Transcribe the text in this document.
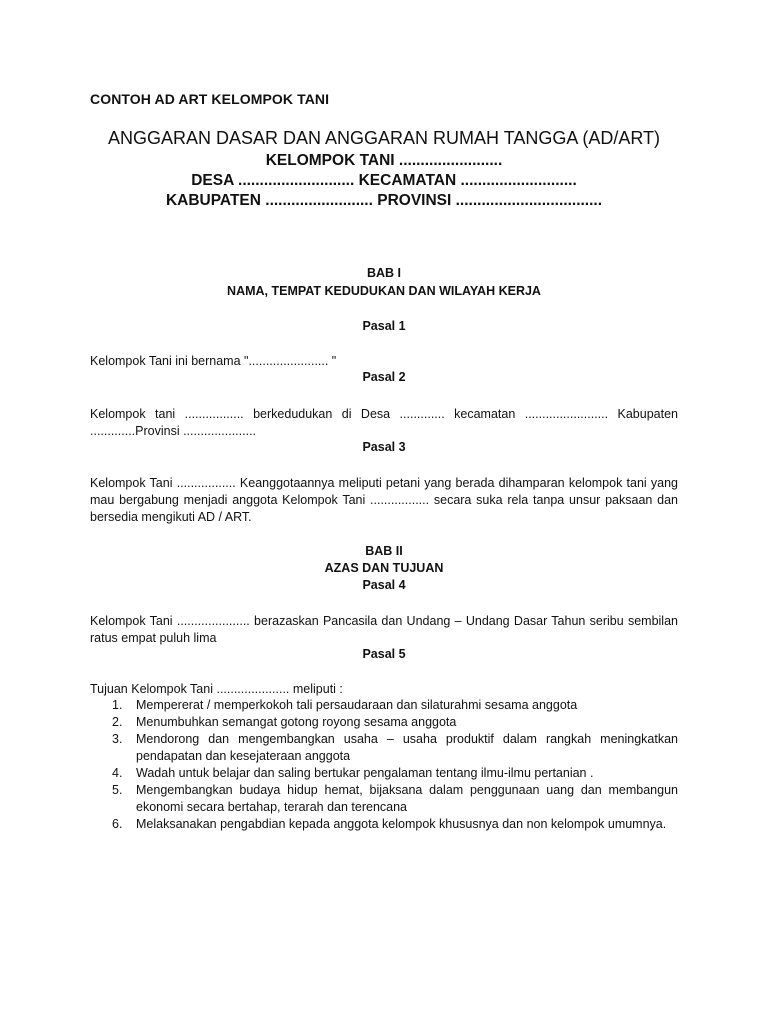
CONTOH AD ART KELOMPOK TANI
ANGGARAN DASAR DAN ANGGARAN RUMAH TANGGA (AD/ART)
KELOMPOK TANI ........................
DESA ........................... KECAMATAN ...........................
KABUPATEN ......................... PROVINSI ..................................
BAB I
NAMA, TEMPAT KEDUDUKAN DAN WILAYAH KERJA
Pasal 1
Kelompok Tani ini bernama "....................... "
Pasal 2
Kelompok tani ................. berkedudukan di Desa ............. kecamatan ........................ Kabupaten
.............Provinsi .....................
Pasal 3
Kelompok Tani ................. Keanggotaannya meliputi petani yang berada dihamparan kelompok tani yang mau bergabung menjadi anggota Kelompok Tani ................. secara suka rela tanpa unsur paksaan dan bersedia mengikuti AD / ART.
BAB II
AZAS DAN TUJUAN
Pasal 4
Kelompok Tani ..................... berazaskan Pancasila dan Undang – Undang Dasar Tahun seribu sembilan ratus empat puluh lima
Pasal 5
Tujuan Kelompok Tani ..................... meliputi :
1. Mempererat / memperkokoh tali persaudaraan dan silaturahmi sesama anggota
2. Menumbuhkan semangat gotong royong sesama anggota
3. Mendorong dan mengembangkan usaha – usaha produktif dalam rangkah meningkatkan pendapatan dan kesejateraan anggota
4. Wadah untuk belajar dan saling bertukar pengalaman tentang ilmu-ilmu pertanian .
5. Mengembangkan budaya hidup hemat, bijaksana dalam penggunaan uang dan membangun ekonomi secara bertahap, terarah dan terencana
6. Melaksanakan pengabdian kepada anggota kelompok khususnya dan non kelompok umumnya.
